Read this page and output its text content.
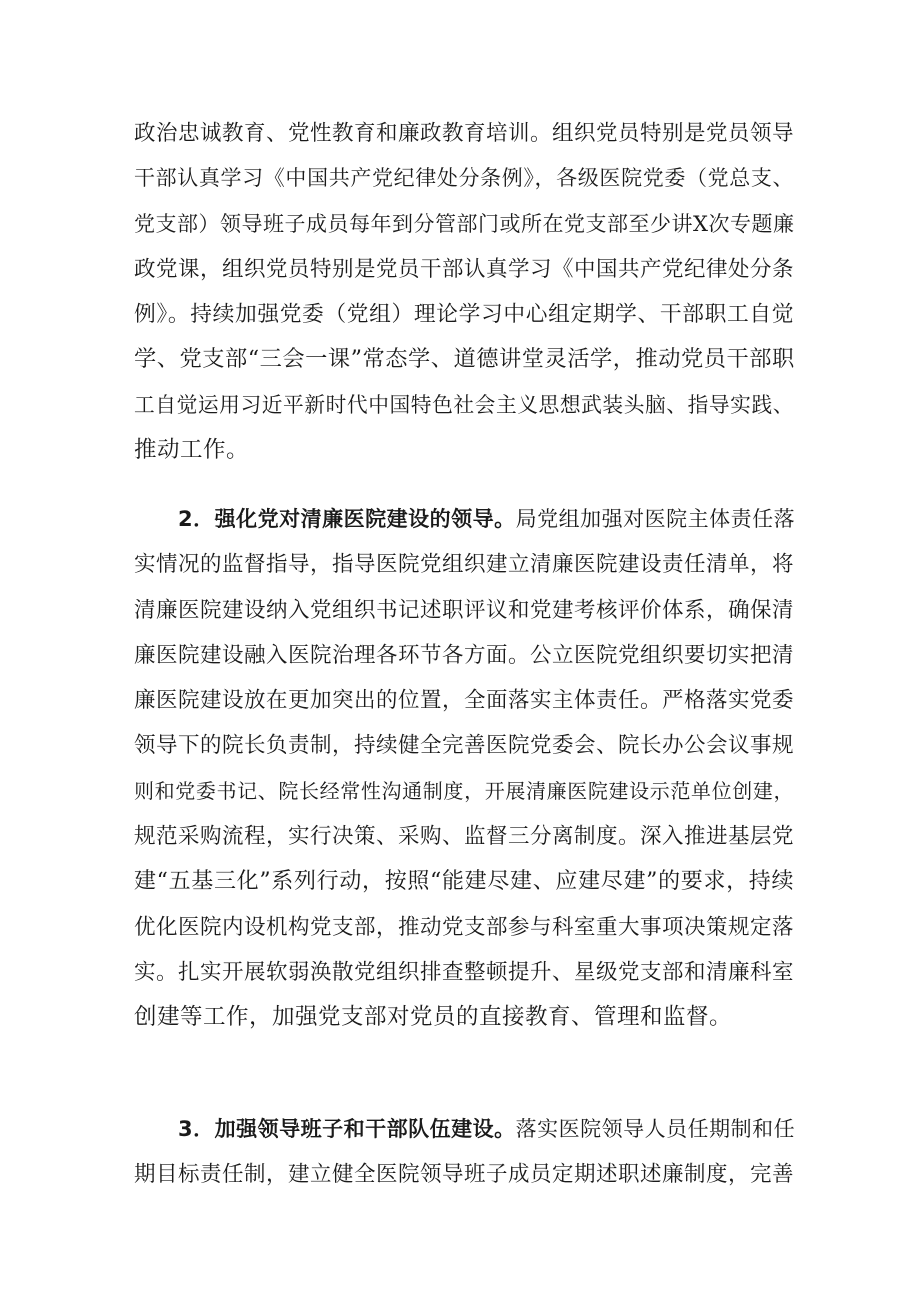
政治忠诚教育、党性教育和廉政教育培训。组织党员特别是党员领导
干部认真学习《中国共产党纪律处分条例》，各级医院党委（党总支、
党支部）领导班子成员每年到分管部门或所在党支部至少讲X次专题廉
政党课，组织党员特别是党员干部认真学习《中国共产党纪律处分条
例》。持续加强党委（党组）理论学习中心组定期学、干部职工自觉
学、党支部“三会一课”常态学、道德讲堂灵活学，推动党员干部职
工自觉运用习近平新时代中国特色社会主义思想武装头脑、指导实践、
推动工作。
2．强化党对清廉医院建设的领导。局党组加强对医院主体责任落
实情况的监督指导，指导医院党组织建立清廉医院建设责任清单，将
清廉医院建设纳入党组织书记述职评议和党建考核评价体系，确保清
廉医院建设融入医院治理各环节各方面。公立医院党组织要切实把清
廉医院建设放在更加突出的位置，全面落实主体责任。严格落实党委
领导下的院长负责制，持续健全完善医院党委会、院长办公会议事规
则和党委书记、院长经常性沟通制度，开展清廉医院建设示范单位创建，
规范采购流程，实行决策、采购、监督三分离制度。深入推进基层党
建“五基三化”系列行动，按照“能建尽建、应建尽建”的要求，持续
优化医院内设机构党支部，推动党支部参与科室重大事项决策规定落
实。扎实开展软弱涣散党组织排查整顿提升、星级党支部和清廉科室
创建等工作，加强党支部对党员的直接教育、管理和监督。
3．加强领导班子和干部队伍建设。落实医院领导人员任期制和任
期目标责任制，建立健全医院领导班子成员定期述职述廉制度，完善
